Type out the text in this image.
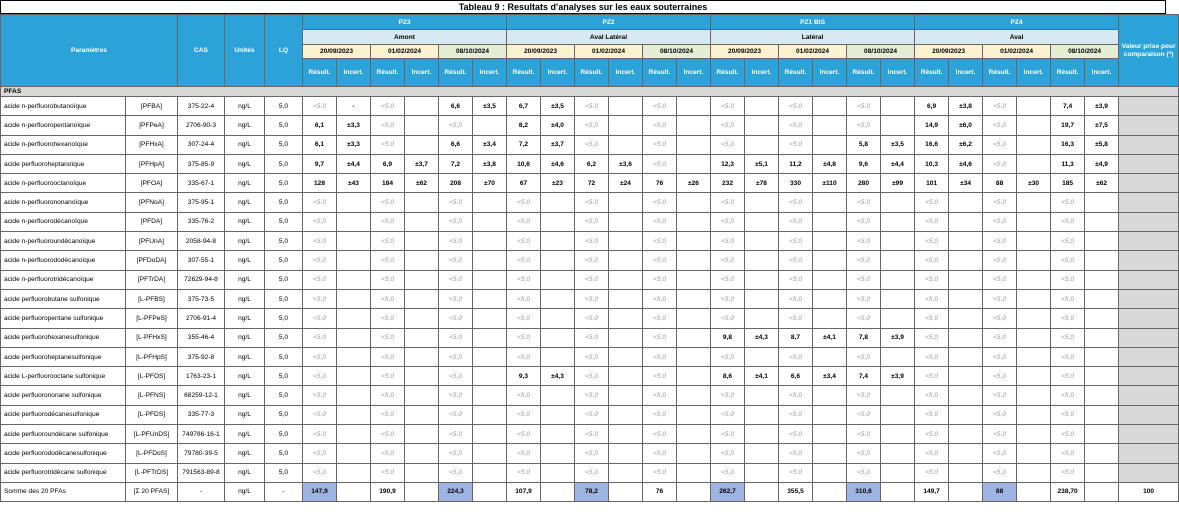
Tableau 9 : Resultats d'analyses sur les eaux souterraines
Paramètres		CAS	Unités	LQ	PZ3						PZ2						PZ1 BIS						PZ4						Valeur prise pour comparaison (*)
					Amont						Aval Latéral						Latéral						Aval						
					20/09/2023		01/02/2024		08/10/2024		20/09/2023		01/02/2024		08/10/2024		20/09/2023		01/02/2024		08/10/2024		20/09/2023		01/02/2024		08/10/2024		
					Résult.	Incert.	Résult.	Incert.	Résult.	Incert.	Résult.	Incert.	Résult.	Incert.	Résult.	Incert.	Résult.	Incert.	Résult.	Incert.	Résult.	Incert.	Résult.	Incert.	Résult.	Incert.	Résult.	Incert.	
PFAS																													
acide n-perfluorobutanoïque	[PFBA]	375-22-4	ng/L	5,0	<5,0	-	<5,0		6,6	±3,5	6,7	±3,5	<5,0		<5,0		<5,0		<5,0		<5,0		6,9	±3,8	<5,0		7,4	±3,9	
acide n-perfluoropentanoïque	[PFPeA]	2706-90-3	ng/L	5,0	6,1	±3,3	<5,0		<5,0		8,2	±4,0	<5,0		<5,0		<5,0		<5,0		<5,0		14,9	±6,0	<5,0		19,7	±7,5	
acide n-perfluorohexanoïque	[PFHxA]	307-24-4	ng/L	5,0	6,1	±3,3	<5,0		6,6	±3,4	7,2	±3,7	<5,0		<5,0		<5,0		<5,0		5,8	±3,5	16,6	±6,2	<5,0		16,3	±5,8	
acide perfluoroheptanoïque	[PFHpA]	375-85-9	ng/L	5,0	9,7	±4,4	6,9	±3,7	7,2	±3,8	10,6	±4,6	6,2	±3,6	<5,0		12,3	±5,1	11,2	±4,8	9,6	±4,4	10,3	±4,6	<5,0		11,3	±4,9	
acide n-perfluorooctanoïque	[PFOA]	335-67-1	ng/L	5,0	128	±43	184	±62	208	±70	67	±23	72	±24	76	±26	232	±78	330	±110	280	±99	101	±34	88	±30	185	±62	
acide n-perfluorononanoïque	[PFNoA]	375-95-1	ng/L	5,0	<5,0		<5,0		<5,0		<5,0		<5,0		<5,0		<5,0		<5,0		<5,0		<5,0		<5,0		<5,0		
acide n-perfluorodécanoïque	[PFDA]	335-76-2	ng/L	5,0	<5,0		<5,0		<5,0		<5,0		<5,0		<5,0		<5,0		<5,0		<5,0		<5,0		<5,0		<5,0		
acide n-perfluoroundécanoïque	[PFUnA]	2058-94-8	ng/L	5,0	<5,0		<5,0		<5,0		<5,0		<5,0		<5,0		<5,0		<5,0		<5,0		<5,0		<5,0		<5,0		
acide n-perfluorododécanoïque	[PFDoDA]	307-55-1	ng/L	5,0	<5,0		<5,0		<5,0		<5,0		<5,0		<5,0		<5,0		<5,0		<5,0		<5,0		<5,0		<5,0		
acide n-perfluorotridécanoïque	[PFTrDA]	72629-94-8	ng/L	5,0	<5,0		<5,0		<5,0		<5,0		<5,0		<5,0		<5,0		<5,0		<5,0		<5,0		<5,0		<5,0		
acide perfluorobutane sulfonique	[L-PFBS]	375-73-5	ng/L	5,0	<5,0		<5,0		<5,0		<5,0		<5,0		<5,0		<5,0		<5,0		<5,0		<5,0		<5,0		<5,0		
acide perfluoropentane sulfonique	[L-PFPeS]	2706-91-4	ng/L	5,0	<5,0		<5,0		<5,0		<5,0		<5,0		<5,0		<5,0		<5,0		<5,0		<5,0		<5,0		<5,0		
acide perfluorohexanesulfonique	[L-PFHxS]	355-46-4	ng/L	5,0	<5,0		<5,0		<5,0		<5,0		<5,0		<5,0		9,8	±4,3	8,7	±4,1	7,8	±3,9	<5,0		<5,0		<5,0		
acide perfluoroheptanesulfonique	[L-PFHpS]	375-92-8	ng/L	5,0	<5,0		<5,0		<5,0		<5,0		<5,0		<5,0		<5,0		<5,0		<5,0		<5,0		<5,0		<5,0		
acide L-perfluorooctane sulfonique	[L-PFOS]	1763-23-1	ng/L	5,0	<5,0		<5,0		<5,0		9,3	±4,3	<5,0		<5,0		8,6	±4,1	6,6	±3,4	7,4	±3,9	<5,0		<5,0		<5,0		
acide perfluorononane sulfonique	[L-PFNS]	68259-12-1	ng/L	5,0	<5,0		<5,0		<5,0		<5,0		<5,0		<5,0		<5,0		<5,0		<5,0		<5,0		<5,0		<5,0		
acide perfluorodécanesulfonique	[L-PFDS]	335-77-3	ng/L	5,0	<5,0		<5,0		<5,0		<5,0		<5,0		<5,0		<5,0		<5,0		<5,0		<5,0		<5,0		<5,0		
acide perfluoroundécane sulfonique	[L-PFUnDS]	749786-16-1	ng/L	5,0	<5,0		<5,0		<5,0		<5,0		<5,0		<5,0		<5,0		<5,0		<5,0		<5,0		<5,0		<5,0		
acide perfluorododécanesulfonique	[L-PFDoS]	79780-39-5	ng/L	5,0	<5,0		<5,0		<5,0		<5,0		<5,0		<5,0		<5,0		<5,0		<5,0		<5,0		<5,0		<5,0		
acide perfluorotridécane sulfonique	[L-PFTrDS]	791563-89-8	ng/L	5,0	<5,0		<5,0		<5,0		<5,0		<5,0		<5,0		<5,0		<5,0		<5,0		<5,0		<5,0		<5,0		
Somme des 20 PFAs	[Σ 20 PFAS]	-	ng/L	-	147,9		190,9		224,3		107,9		78,2		76		262,7		355,5		310,6		149,7		88		238,70		100
